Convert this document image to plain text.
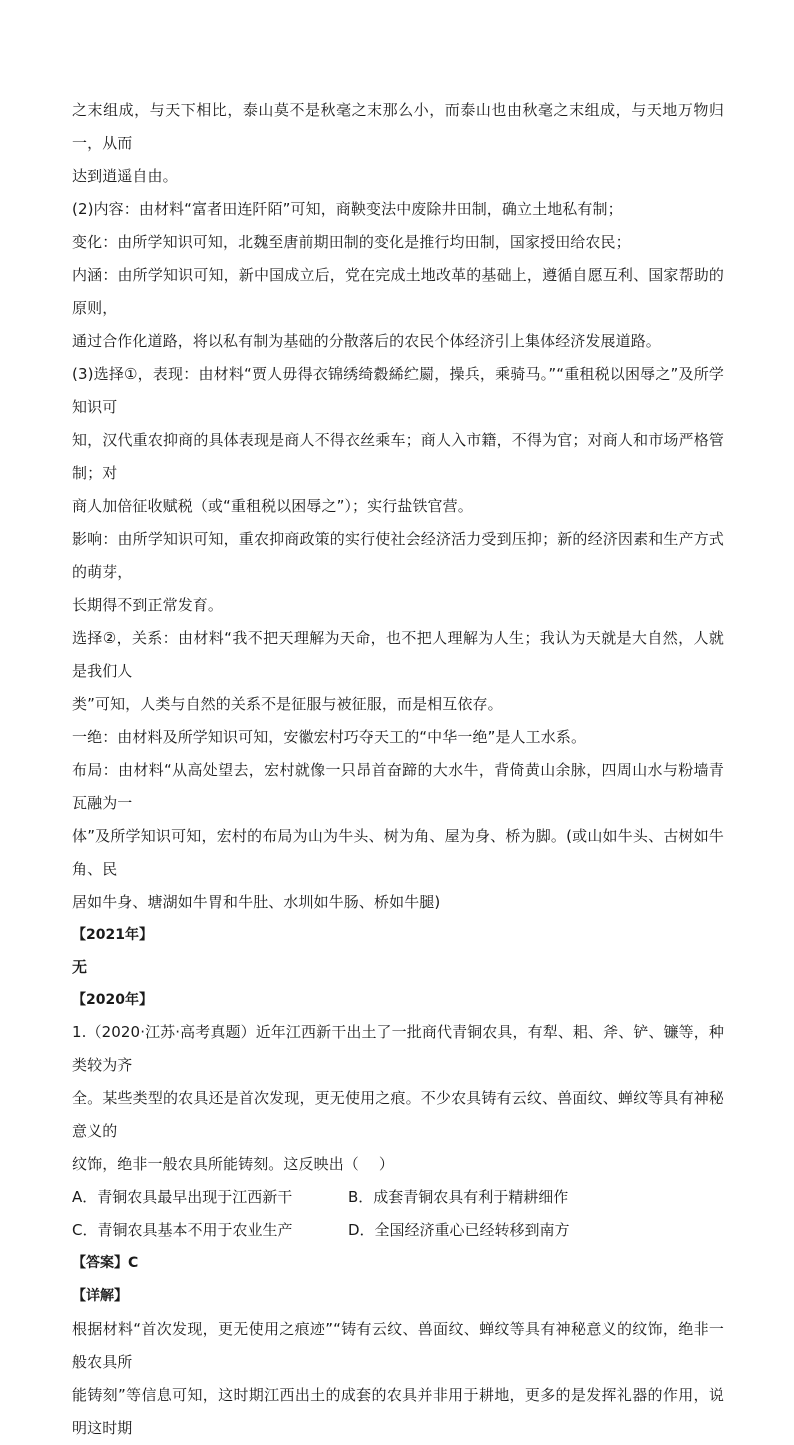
之末组成，与天下相比，泰山莫不是秋毫之末那么小，而泰山也由秋毫之末组成，与天地万物归一，从而

达到逍遥自由。

(2)内容：由材料“富者田连阡陌”可知，商鞅变法中废除井田制，确立土地私有制；

变化：由所学知识可知，北魏至唐前期田制的变化是推行均田制，国家授田给农民；

内涵：由所学知识可知，新中国成立后，党在完成土地改革的基础上，遵循自愿互利、国家帮助的原则，

通过合作化道路，将以私有制为基础的分散落后的农民个体经济引上集体经济发展道路。

(3)选择①，表现：由材料“贾人毋得衣锦绣绮縠絺纻罽，操兵，乘骑马。”“重租税以困辱之”及所学知识可

知，汉代重农抑商的具体表现是商人不得衣丝乘车；商人入市籍，不得为官；对商人和市场严格管制；对

商人加倍征收赋税（或“重租税以困辱之”）；实行盐铁官营。

影响：由所学知识可知，重农抑商政策的实行使社会经济活力受到压抑；新的经济因素和生产方式的萌芽，

长期得不到正常发育。

选择②，关系：由材料“我不把天理解为天命，也不把人理解为人生；我认为天就是大自然，人就是我们人

类”可知，人类与自然的关系不是征服与被征服，而是相互依存。

一绝：由材料及所学知识可知，安徽宏村巧夺天工的“中华一绝”是人工水系。

布局：由材料“从高处望去，宏村就像一只昂首奋蹄的大水牛，背倚黄山余脉，四周山水与粉墙青瓦融为一

体”及所学知识可知，宏村的布局为山为牛头、树为角、屋为身、桥为脚。(或山如牛头、古树如牛角、民

居如牛身、塘湖如牛胃和牛肚、水圳如牛肠、桥如牛腿)

【2021年】

无

【2020年】

1.（2020·江苏·高考真题）近年江西新干出土了一批商代青铜农具，有犁、耜、斧、铲、镰等，种类较为齐

全。某些类型的农具还是首次发现，更无使用之痕。不少农具铸有云纹、兽面纹、蝉纹等具有神秘意义的

纹饰，绝非一般农具所能铸刻。这反映出（　 ）

A．青铜农具最早出现于江西新干	B．成套青铜农具有利于精耕细作
C．青铜农具基本不用于农业生产	D．全国经济重心已经转移到南方

【答案】C

【详解】

根据材料“首次发现，更无使用之痕迹”“铸有云纹、兽面纹、蝉纹等具有神秘意义的纹饰，绝非一般农具所

能铸刻”等信息可知，这时期江西出土的成套的农具并非用于耕地，更多的是发挥礼器的作用，说明这时期
